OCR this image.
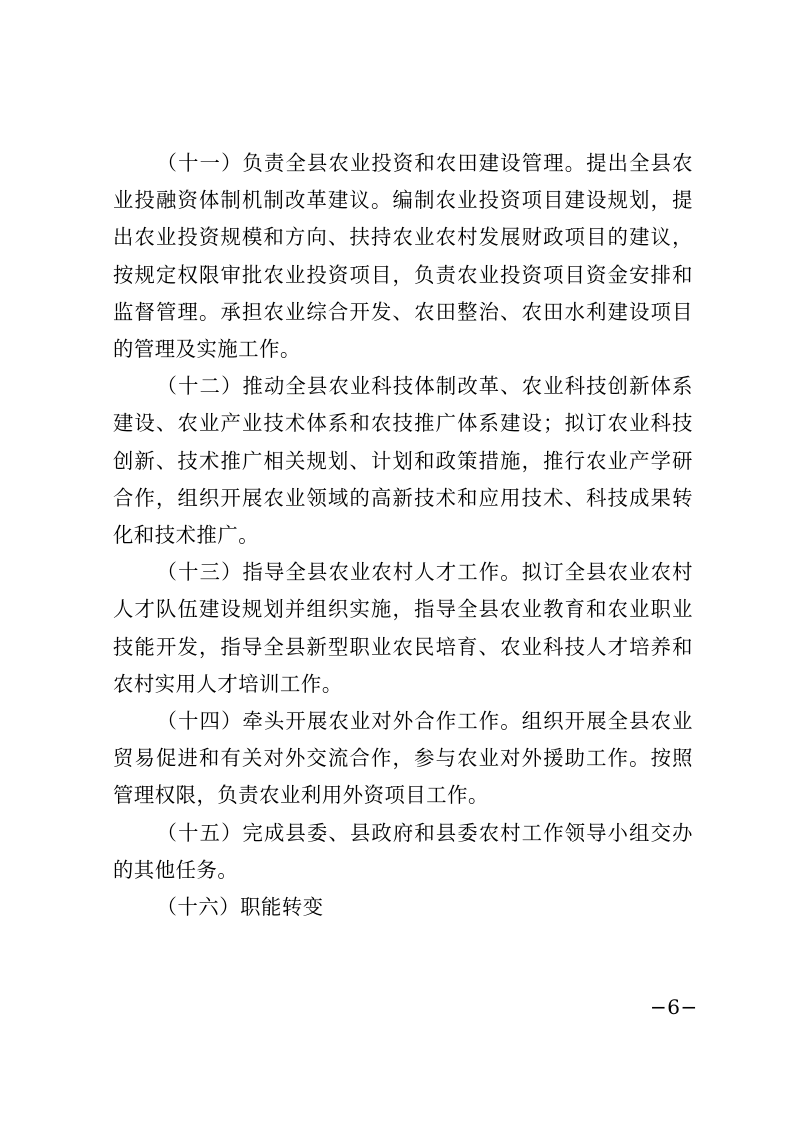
（十一）负责全县农业投资和农田建设管理。提出全县农业投融资体制机制改革建议。编制农业投资项目建设规划，提出农业投资规模和方向、扶持农业农村发展财政项目的建议，按规定权限审批农业投资项目，负责农业投资项目资金安排和监督管理。承担农业综合开发、农田整治、农田水利建设项目的管理及实施工作。

（十二）推动全县农业科技体制改革、农业科技创新体系建设、农业产业技术体系和农技推广体系建设；拟订农业科技创新、技术推广相关规划、计划和政策措施，推行农业产学研合作，组织开展农业领域的高新技术和应用技术、科技成果转化和技术推广。

（十三）指导全县农业农村人才工作。拟订全县农业农村人才队伍建设规划并组织实施，指导全县农业教育和农业职业技能开发，指导全县新型职业农民培育、农业科技人才培养和农村实用人才培训工作。

（十四）牵头开展农业对外合作工作。组织开展全县农业贸易促进和有关对外交流合作，参与农业对外援助工作。按照管理权限，负责农业利用外资项目工作。

（十五）完成县委、县政府和县委农村工作领导小组交办的其他任务。

（十六）职能转变

−6−
